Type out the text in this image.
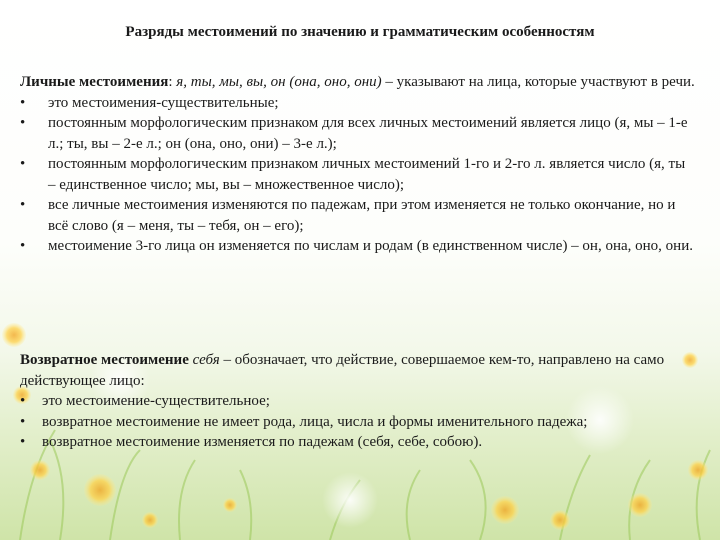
Разряды местоимений по значению и грамматическим особенностям
Личные местоимения: я, ты, мы, вы, он (она, оно, они) – указывают на лица, которые участвуют в речи.
• это местоимения-существительные;
• постоянным морфологическим признаком для всех личных местоимений является лицо (я, мы – 1-е л.; ты, вы – 2-е л.; он (она, оно, они) – 3-е л.);
• постоянным морфологическим признаком личных местоимений 1-го и 2-го л. является число (я, ты – единственное число; мы, вы – множественное число);
• все личные местоимения изменяются по падежам, при этом изменяется не только окончание, но и всё слово (я – меня, ты – тебя, он – его);
• местоимение 3-го лица он изменяется по числам и родам (в единственном числе) – он, она, оно, они.
Возвратное местоимение себя – обозначает, что действие, совершаемое кем-то, направлено на само действующее лицо:
• это местоимение-существительное;
• возвратное местоимение не имеет рода, лица, числа и формы именительного падежа;
• возвратное местоимение изменяется по падежам (себя, себе, собою).
